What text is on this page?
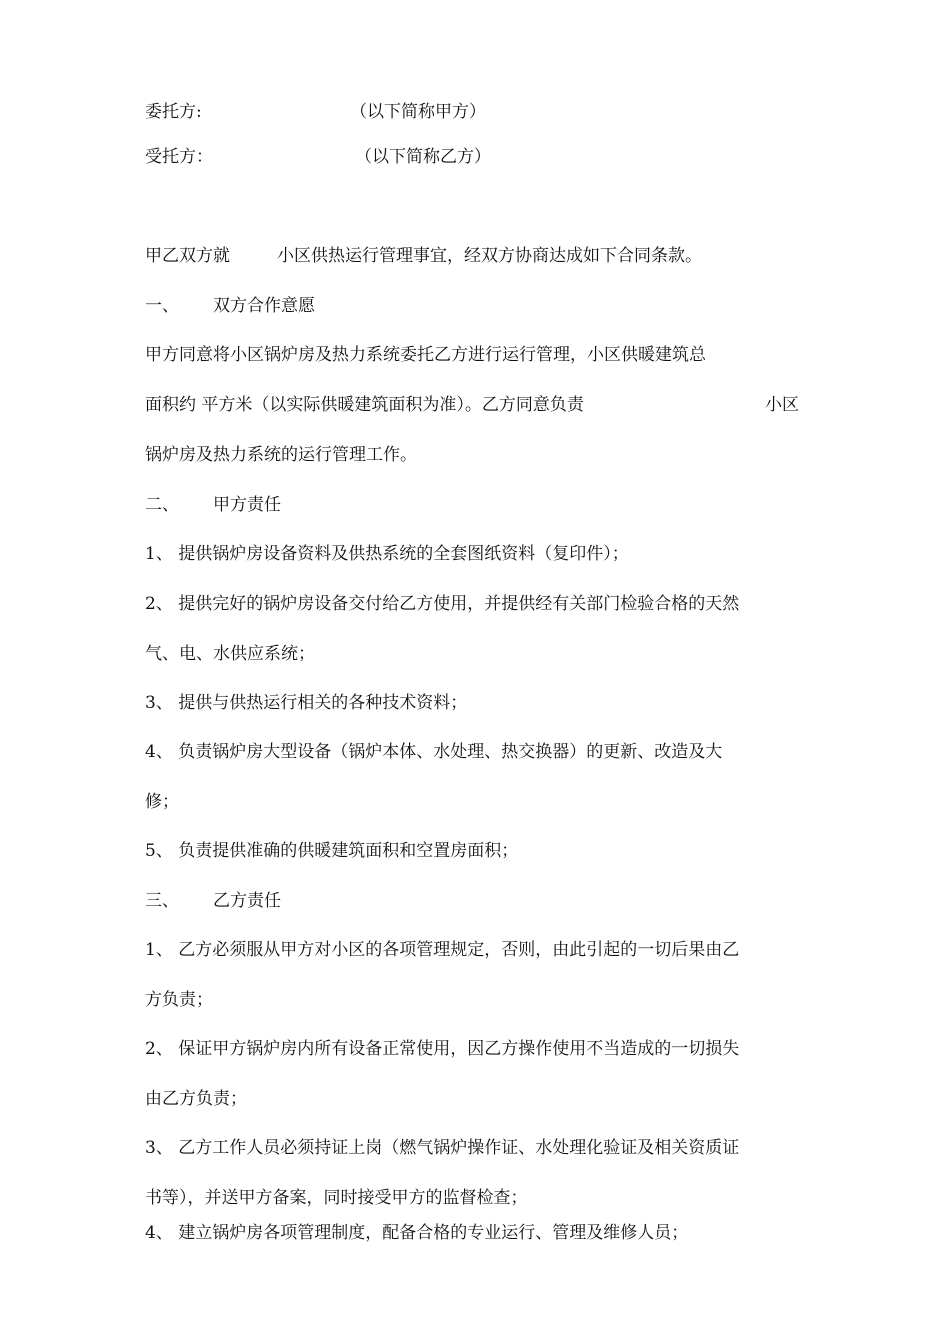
委托方:	（以下简称甲方）
受托方：	（以下简称乙方）
甲乙双方就	小区供热运行管理事宜，经双方协商达成如下合同条款。
一、 双方合作意愿
甲方同意将小区锅炉房及热力系统委托乙方进行运行管理，小区供暖建筑总
面积约 平方米（以实际供暖建筑面积为准）。乙方同意负责	小区
锅炉房及热力系统的运行管理工作。
二、 甲方责任
1、 提供锅炉房设备资料及供热系统的全套图纸资料（复印件）；
2、 提供完好的锅炉房设备交付给乙方使用，并提供经有关部门检验合格的天然
气、电、水供应系统；
3、 提供与供热运行相关的各种技术资料；
4、 负责锅炉房大型设备（锅炉本体、水处理、热交换器）的更新、改造及大
修；
5、 负责提供准确的供暖建筑面积和空置房面积；
三、 乙方责任
1、 乙方必须服从甲方对小区的各项管理规定，否则，由此引起的一切后果由乙
方负责；
2、 保证甲方锅炉房内所有设备正常使用，因乙方操作使用不当造成的一切损失
由乙方负责；
3、 乙方工作人员必须持证上岗（燃气锅炉操作证、水处理化验证及相关资质证
书等），并送甲方备案，同时接受甲方的监督检查；
4、 建立锅炉房各项管理制度，配备合格的专业运行、管理及维修人员；
